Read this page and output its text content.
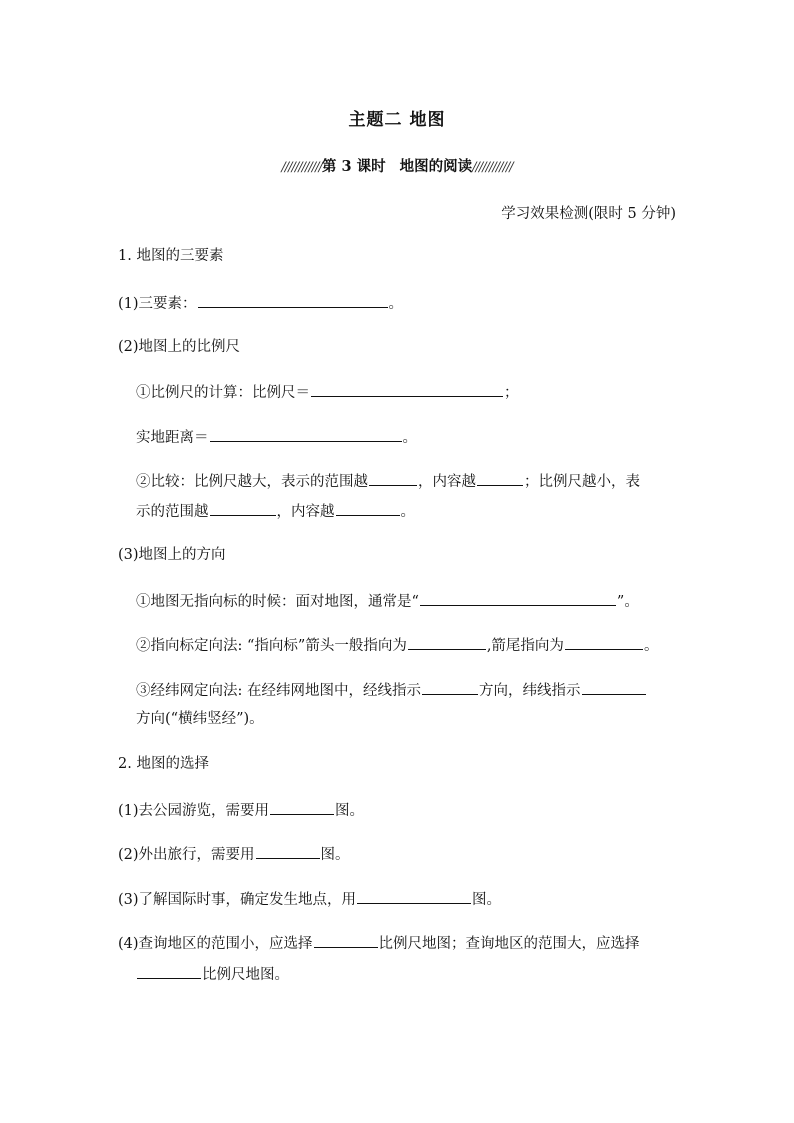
主题二 地图
////////////第 3 课时 地图的阅读////////////
学习效果检测(限时 5 分钟)
1. 地图的三要素
(1)三要素：	。
(2)地图上的比例尺
①比例尺的计算：比例尺＝	；
实地距离＝	。
②比较：比例尺越大，表示的范围越	，内容越	；比例尺越小，表
示的范围越	，内容越	。
(3)地图上的方向
①地图无指向标的时候：面对地图，通常是“	”。
②指向标定向法: “指向标”箭头一般指向为	,箭尾指向为	。
③经纬网定向法: 在经纬网地图中，经线指示	方向，纬线指示
方向(“横纬竖经”)。
2. 地图的选择
(1)去公园游览，需要用	图。
(2)外出旅行，需要用	图。
(3)了解国际时事，确定发生地点，用	图。
(4)查询地区的范围小，应选择	比例尺地图；查询地区的范围大，应选择
比例尺地图。
